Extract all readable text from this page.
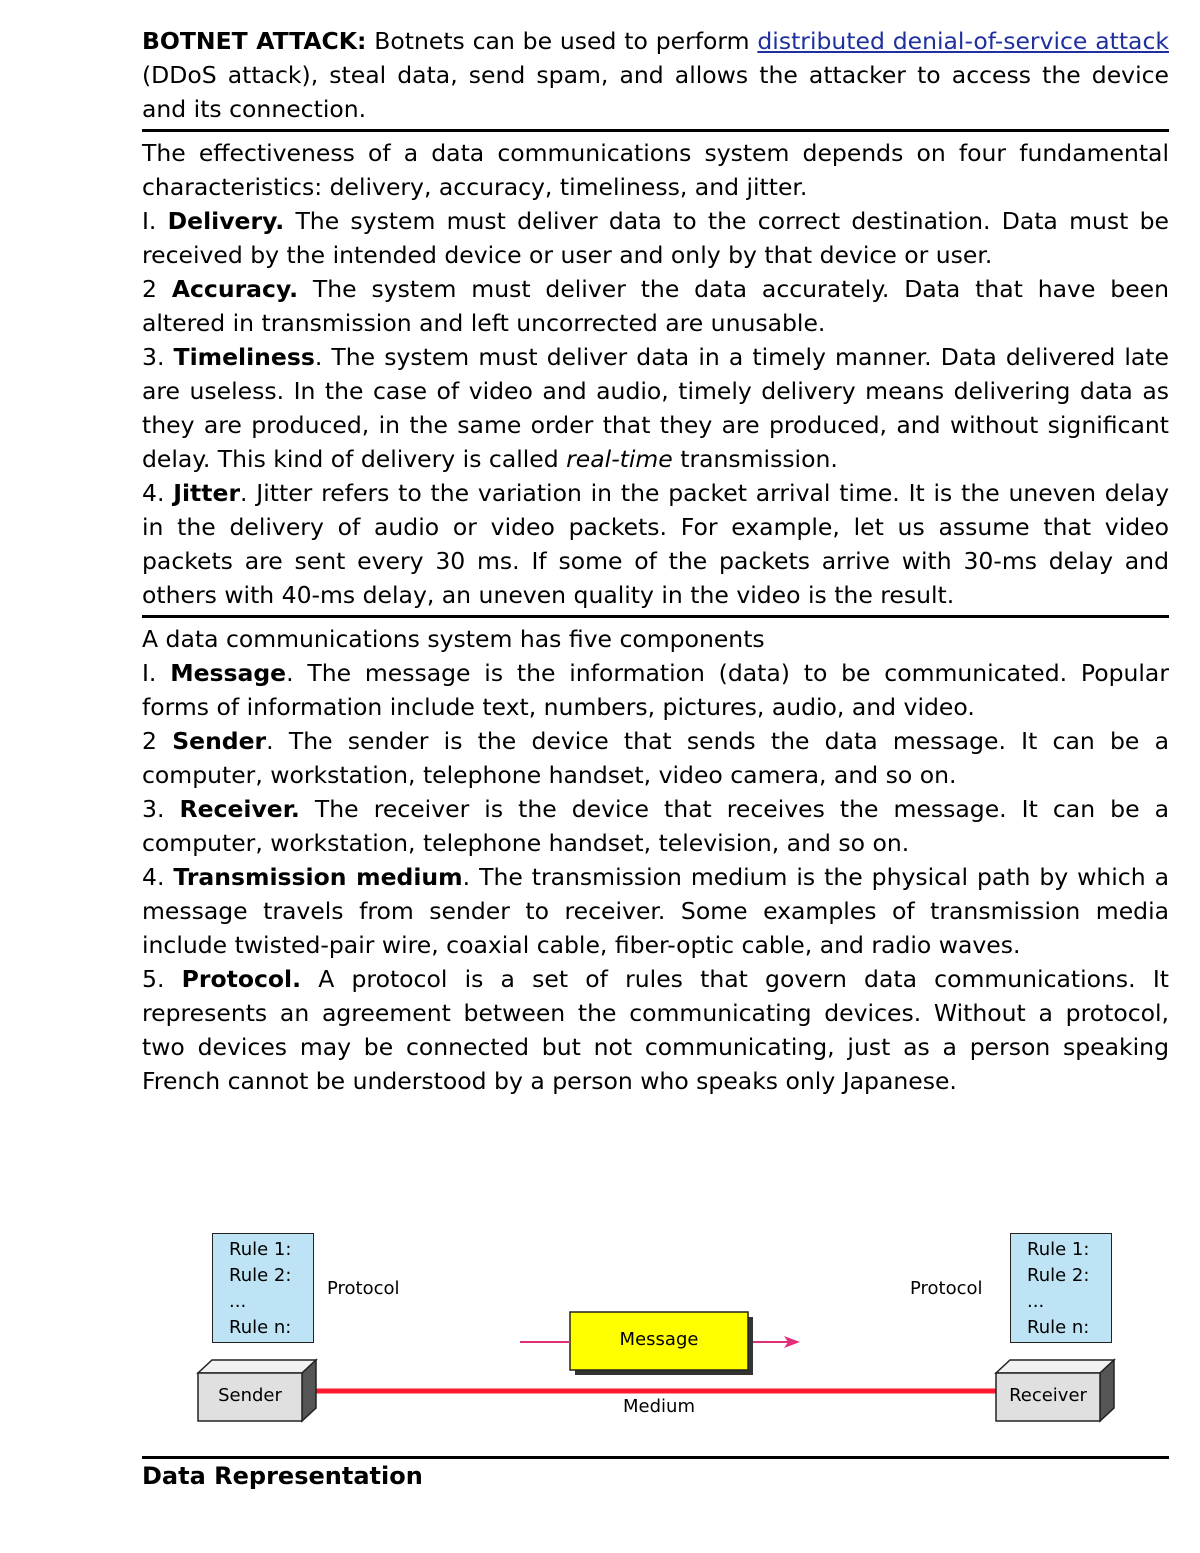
BOTNET ATTACK: Botnets can be used to perform distributed denial-of-service attack (DDoS attack), steal data, send spam, and allows the attacker to access the device and its connection.

The effectiveness of a data communications system depends on four fundamental characteristics: delivery, accuracy, timeliness, and jitter.

I. Delivery. The system must deliver data to the correct destination. Data must be received by the intended device or user and only by that device or user.

2 Accuracy. The system must deliver the data accurately. Data that have been altered in transmission and left uncorrected are unusable.

3. Timeliness. The system must deliver data in a timely manner. Data delivered late are useless. In the case of video and audio, timely delivery means delivering data as they are produced, in the same order that they are produced, and without significant delay. This kind of delivery is called real-time transmission.

4. Jitter. Jitter refers to the variation in the packet arrival time. It is the uneven delay in the delivery of audio or video packets. For example, let us assume that video packets are sent every 30 ms. If some of the packets arrive with 30-ms delay and others with 40-ms delay, an uneven quality in the video is the result.

A data communications system has five components

I. Message. The message is the information (data) to be communicated. Popular forms of information include text, numbers, pictures, audio, and video.

2 Sender. The sender is the device that sends the data message. It can be a computer, workstation, telephone handset, video camera, and so on.

3. Receiver. The receiver is the device that receives the message. It can be a computer, workstation, telephone handset, television, and so on.

4. Transmission medium. The transmission medium is the physical path by which a message travels from sender to receiver. Some examples of transmission media include twisted-pair wire, coaxial cable, fiber-optic cable, and radio waves.

5. Protocol. A protocol is a set of rules that govern data communications. It represents an agreement between the communicating devices. Without a protocol, two devices may be connected but not communicating, just as a person speaking French cannot be understood by a person who speaks only Japanese.

Rule 1:
Rule 2:
...
Rule n:
Rule 1:
Rule 2:
...
Rule n:
Protocol	Protocol
Message
Sender	Receiver
Medium
Data Representation
